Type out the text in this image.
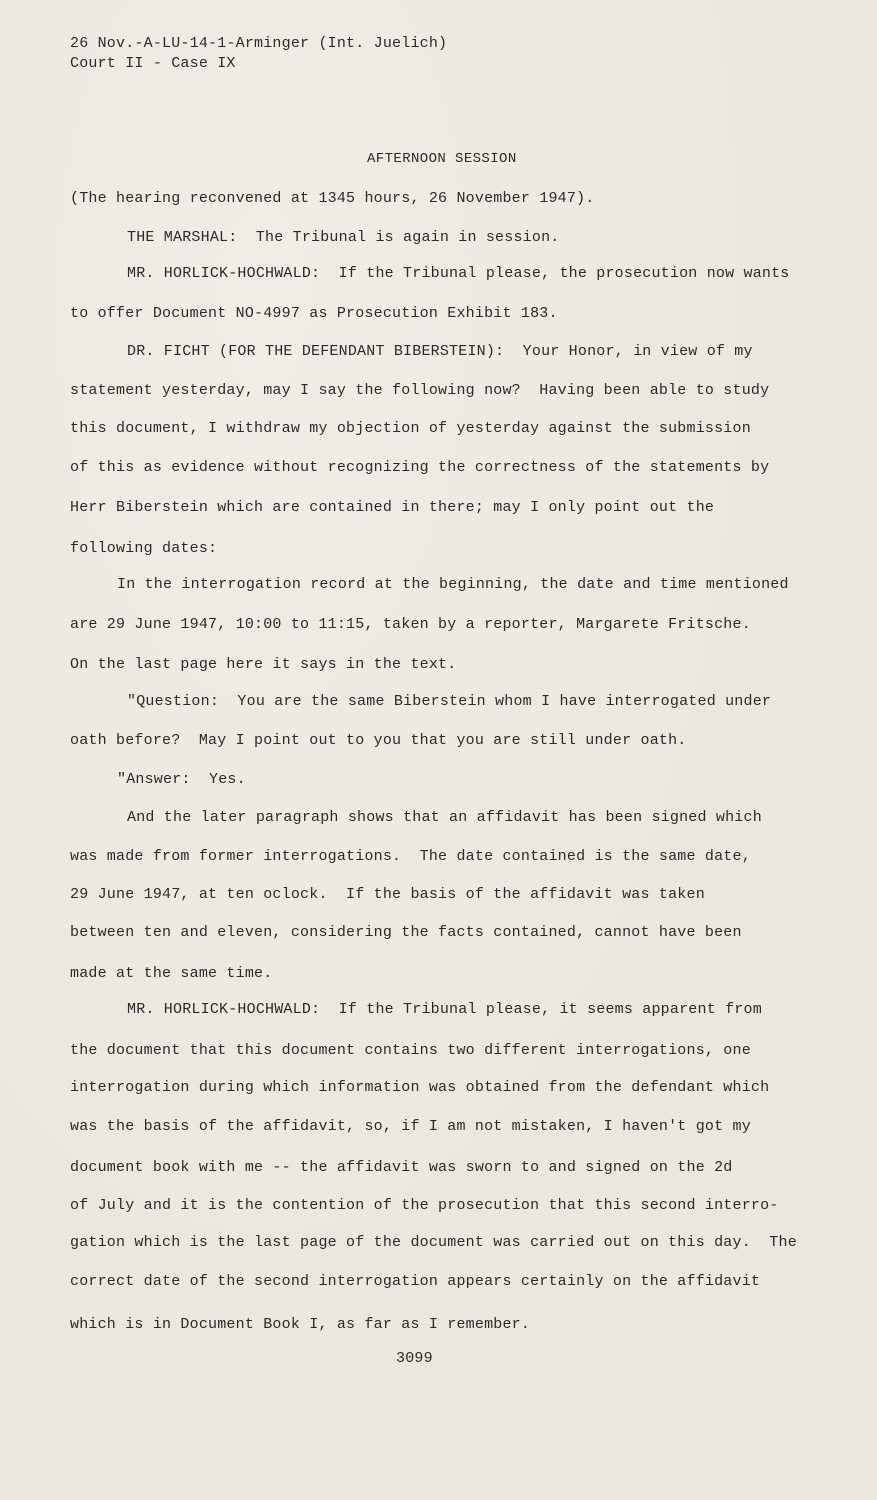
26 Nov.-A-LU-14-1-Arminger (Int. Juelich)
Court II - Case IX
AFTERNOON SESSION
(The hearing reconvened at 1345 hours, 26 November 1947).
THE MARSHAL:  The Tribunal is again in session.
MR. HORLICK-HOCHWALD:  If the Tribunal please, the prosecution now wants
to offer Document NO-4997 as Prosecution Exhibit 183.
DR. FICHT (FOR THE DEFENDANT BIBERSTEIN):  Your Honor, in view of my
statement yesterday, may I say the following now?  Having been able to study
this document, I withdraw my objection of yesterday against the submission
of this as evidence without recognizing the correctness of the statements by
Herr Biberstein which are contained in there; may I only point out the
following dates:
In the interrogation record at the beginning, the date and time mentioned
are 29 June 1947, 10:00 to 11:15, taken by a reporter, Margarete Fritsche.
On the last page here it says in the text.
"Question:  You are the same Biberstein whom I have interrogated under
oath before?  May I point out to you that you are still under oath.
"Answer:  Yes.
And the later paragraph shows that an affidavit has been signed which
was made from former interrogations.  The date contained is the same date,
29 June 1947, at ten oclock.  If the basis of the affidavit was taken
between ten and eleven, considering the facts contained, cannot have been
made at the same time.
MR. HORLICK-HOCHWALD:  If the Tribunal please, it seems apparent from
the document that this document contains two different interrogations, one
interrogation during which information was obtained from the defendant which
was the basis of the affidavit, so, if I am not mistaken, I haven't got my
document book with me -- the affidavit was sworn to and signed on the 2d
of July and it is the contention of the prosecution that this second interro-
gation which is the last page of the document was carried out on this day.  The
correct date of the second interrogation appears certainly on the affidavit
which is in Document Book I, as far as I remember.
3099
